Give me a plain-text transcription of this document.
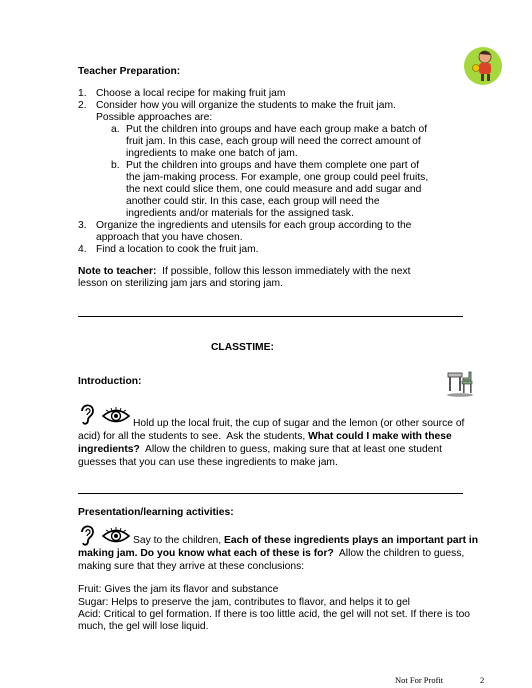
Teacher Preparation:
1. Choose a local recipe for making fruit jam
2. Consider how you will organize the students to make the fruit jam.
Possible approaches are:
a. Put the children into groups and have each group make a batch of
fruit jam. In this case, each group will need the correct amount of
ingredients to make one batch of jam.
b. Put the children into groups and have them complete one part of
the jam-making process. For example, one group could peel fruits,
the next could slice them, one could measure and add sugar and
another could stir. In this case, each group will need the
ingredients and/or materials for the assigned task.
3. Organize the ingredients and utensils for each group according to the
approach that you have chosen.
4. Find a location to cook the fruit jam.
Note to teacher:  If possible, follow this lesson immediately with the next
lesson on sterilizing jam jars and storing jam.
CLASSTIME:
Introduction:
Hold up the local fruit, the cup of sugar and the lemon (or other source of
acid) for all the students to see.  Ask the students, What could I make with these
ingredients?  Allow the children to guess, making sure that at least one student
guesses that you can use these ingredients to make jam.
Presentation/learning activities:
Say to the children, Each of these ingredients plays an important part in
making jam. Do you know what each of these is for?  Allow the children to guess,
making sure that they arrive at these conclusions:
Fruit: Gives the jam its flavor and substance
Sugar: Helps to preserve the jam, contributes to flavor, and helps it to gel
Acid: Critical to gel formation. If there is too little acid, the gel will not set. If there is too
much, the gel will lose liquid.
Not For Profit	2
